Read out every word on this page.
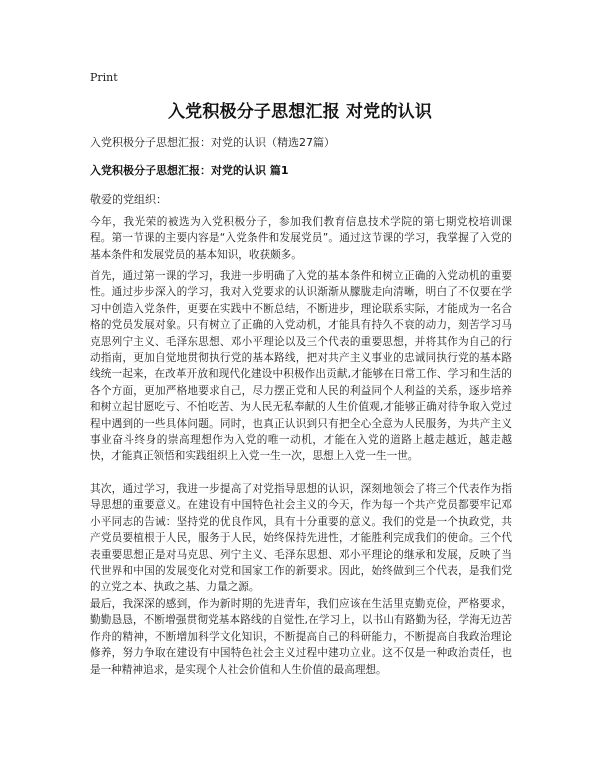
Print
入党积极分子思想汇报 对党的认识

入党积极分子思想汇报：对党的认识（精选27篇）

入党积极分子思想汇报：对党的认识 篇1

敬爱的党组织：

今年，我光荣的被选为入党积极分子，参加我们教育信息技术学院的第七期党校培训课程。第一节课的主要内容是“入党条件和发展党员”。通过这节课的学习，我掌握了入党的基本条件和发展党员的基本知识，收获颇多。

首先，通过第一课的学习，我进一步明确了入党的基本条件和树立正确的入党动机的重要性。通过步步深入的学习，我对入党要求的认识渐渐从朦胧走向清晰，明白了不仅要在学习中创造入党条件，更要在实践中不断总结，不断进步，理论联系实际，才能成为一名合格的党员发展对象。只有树立了正确的入党动机，才能具有持久不衰的动力，刻苦学习马克思列宁主义、毛泽东思想、邓小平理论以及三个代表的重要思想，并将其作为自己的行动指南，更加自觉地贯彻执行党的基本路线，把对共产主义事业的忠诚同执行党的基本路线统一起来，在改革开放和现代化建设中积极作出贡献,才能够在日常工作、学习和生活的各个方面，更加严格地要求自己，尽力摆正党和人民的利益同个人利益的关系，逐步培养和树立起甘愿吃亏、不怕吃苦、为人民无私奉献的人生价值观,才能够正确对待争取入党过程中遇到的一些具体问题。同时，也真正认识到只有把全心全意为人民服务，为共产主义事业奋斗终身的崇高理想作为入党的唯一动机，才能在入党的道路上越走越近，越走越快，才能真正领悟和实践组织上入党一生一次，思想上入党一生一世。

其次，通过学习，我进一步提高了对党指导思想的认识，深刻地领会了将三个代表作为指导思想的重要意义。在建设有中国特色社会主义的今天，作为每一个共产党员都要牢记邓小平同志的告诫：坚持党的优良作风，具有十分重要的意义。我们的党是一个执政党，共产党员要植根于人民，服务于人民，始终保持先进性，才能胜利完成我们的使命。三个代表重要思想正是对马克思、列宁主义、毛泽东思想、邓小平理论的继承和发展，反映了当代世界和中国的发展变化对党和国家工作的新要求。因此，始终做到三个代表，是我们党的立党之本、执政之基、力量之源。

最后，我深深的感到，作为新时期的先进青年，我们应该在生活里克勤克俭，严格要求，勤勤恳恳，不断增强贯彻党基本路线的自觉性,在学习上，以书山有路勤为径，学海无边苦作舟的精神，不断增加科学文化知识，不断提高自己的科研能力，不断提高自我政治理论修养，努力争取在建设有中国特色社会主义过程中建功立业。这不仅是一种政治责任，也是一种精神追求，是实现个人社会价值和人生价值的最高理想。
